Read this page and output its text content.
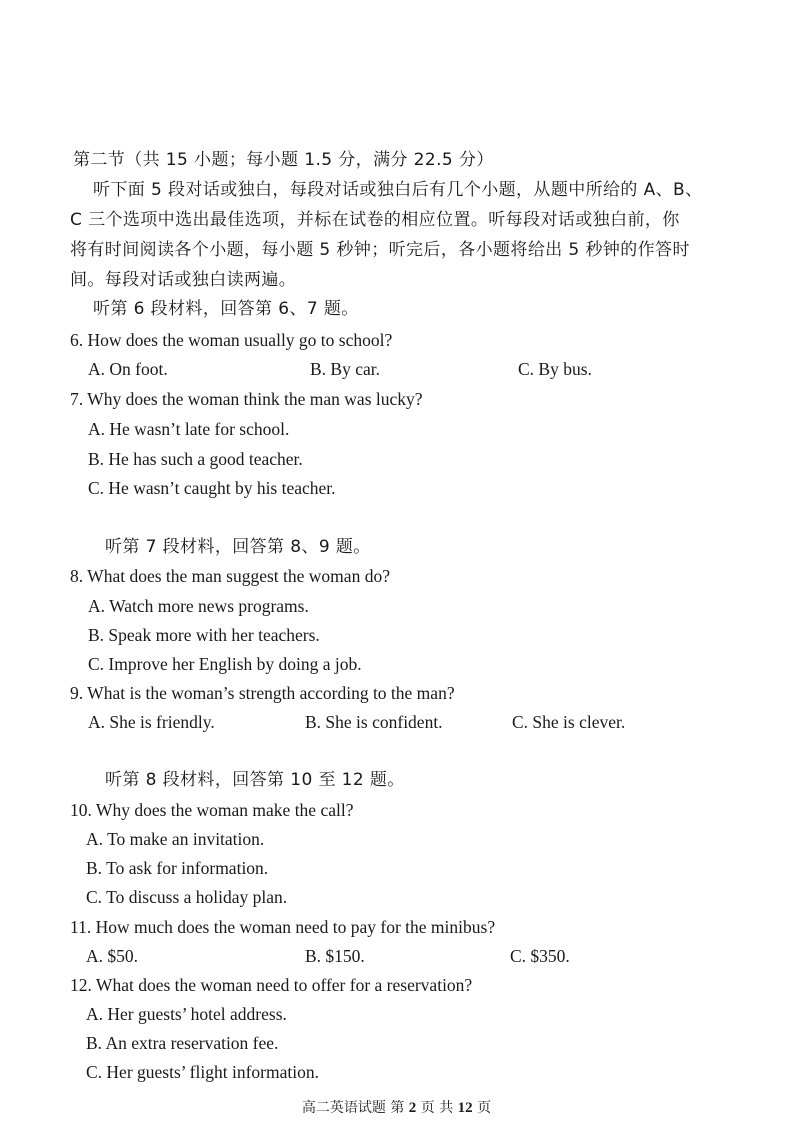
第二节（共 15 小题；每小题 1.5 分，满分 22.5 分）
听下面 5 段对话或独白，每段对话或独白后有几个小题，从题中所给的 A、B、
C 三个选项中选出最佳选项，并标在试卷的相应位置。听每段对话或独白前，你
将有时间阅读各个小题，每小题 5 秒钟；听完后，各小题将给出 5 秒钟的作答时
间。每段对话或独白读两遍。
听第 6 段材料，回答第 6、7 题。
6. How does the woman usually go to school?
A. On foot.	B. By car.	C. By bus.
7. Why does the woman think the man was lucky?
A. He wasn’t late for school.
B. He has such a good teacher.
C. He wasn’t caught by his teacher.
听第 7 段材料，回答第 8、9 题。
8. What does the man suggest the woman do?
A. Watch more news programs.
B. Speak more with her teachers.
C. Improve her English by doing a job.
9. What is the woman’s strength according to the man?
A. She is friendly.	B. She is confident.	C. She is clever.
听第 8 段材料，回答第 10 至 12 题。
10. Why does the woman make the call?
A. To make an invitation.
B. To ask for information.
C. To discuss a holiday plan.
11. How much does the woman need to pay for the minibus?
A. $50.	B. $150.	C. $350.
12. What does the woman need to offer for a reservation?
A. Her guests’ hotel address.
B. An extra reservation fee.
C. Her guests’ flight information.
高二英语试题 第 2 页 共 12 页
